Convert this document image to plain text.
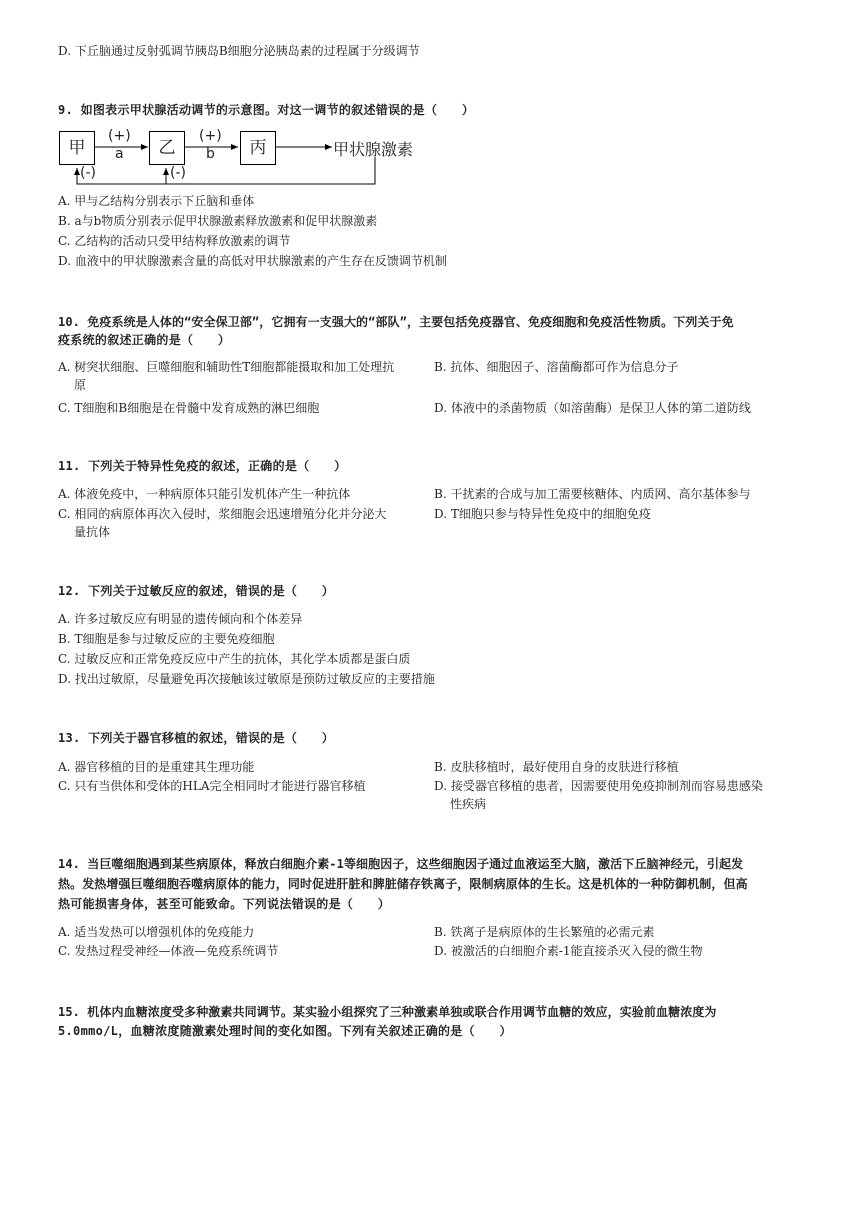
D. 下丘脑通过反射弧调节胰岛B细胞分泌胰岛素的过程属于分级调节
9. 如图表示甲状腺活动调节的示意图。对这一调节的叙述错误的是（　　）
甲	乙	丙
(+)
a
(+)
b	甲状腺激素
(-)	(-)
A. 甲与乙结构分别表示下丘脑和垂体
B. a与b物质分别表示促甲状腺激素释放激素和促甲状腺激素
C. 乙结构的活动只受甲结构释放激素的调节
D. 血液中的甲状腺激素含量的高低对甲状腺激素的产生存在反馈调节机制
10. 免疫系统是人体的“安全保卫部”，它拥有一支强大的“部队”，主要包括免疫器官、免疫细胞和免疫活性物质。下列关于免
疫系统的叙述正确的是（　　）
A. 树突状细胞、巨噬细胞和辅助性T细胞都能摄取和加工处理抗
原
B. 抗体、细胞因子、溶菌酶都可作为信息分子
C. T细胞和B细胞是在骨髓中发育成熟的淋巴细胞	D. 体液中的杀菌物质（如溶菌酶）是保卫人体的第二道防线
11. 下列关于特异性免疫的叙述，正确的是（　　）
A. 体液免疫中，一种病原体只能引发机体产生一种抗体	B. 干扰素的合成与加工需要核糖体、内质网、高尔基体参与
C. 相同的病原体再次入侵时，浆细胞会迅速增殖分化并分泌大
量抗体
D. T细胞只参与特异性免疫中的细胞免疫
12. 下列关于过敏反应的叙述，错误的是（　　）
A. 许多过敏反应有明显的遗传倾向和个体差异
B. T细胞是参与过敏反应的主要免疫细胞
C. 过敏反应和正常免疫反应中产生的抗体，其化学本质都是蛋白质
D. 找出过敏原，尽量避免再次接触该过敏原是预防过敏反应的主要措施
13. 下列关于器官移植的叙述，错误的是（　　）
A. 器官移植的目的是重建其生理功能	B. 皮肤移植时，最好使用自身的皮肤进行移植
C. 只有当供体和受体的HLA完全相同时才能进行器官移植	D. 接受器官移植的患者，因需要使用免疫抑制剂而容易患感染
性疾病
14. 当巨噬细胞遇到某些病原体，释放白细胞介素-1等细胞因子，这些细胞因子通过血液运至大脑，激活下丘脑神经元，引起发
热。发热增强巨噬细胞吞噬病原体的能力，同时促进肝脏和脾脏储存铁离子，限制病原体的生长。这是机体的一种防御机制，但高
热可能损害身体，甚至可能致命。下列说法错误的是（　　）
A. 适当发热可以增强机体的免疫能力	B. 铁离子是病原体的生长繁殖的必需元素
C. 发热过程受神经—体液—免疫系统调节	D. 被激活的白细胞介素-1能直接杀灭入侵的微生物
15. 机体内血糖浓度受多种激素共同调节。某实验小组探究了三种激素单独或联合作用调节血糖的效应，实验前血糖浓度为
5.0mmo/L，血糖浓度随激素处理时间的变化如图。下列有关叙述正确的是（　　）
